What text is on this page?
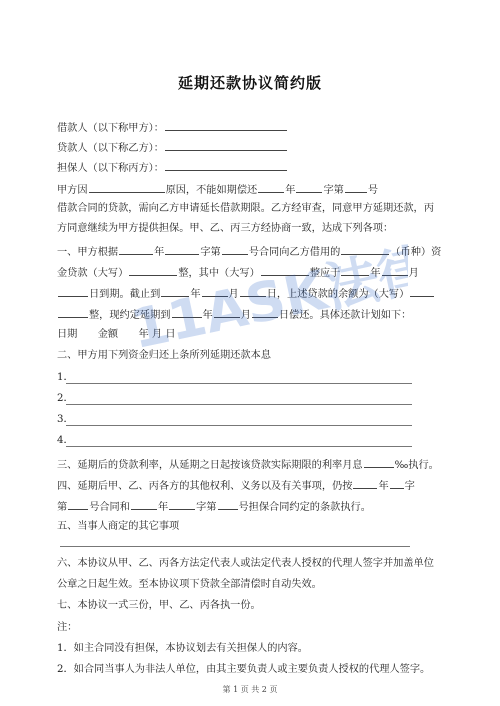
延期还款协议简约版
借款人（以下称甲方）：
贷款人（以下称乙方）：
担保人（以下称丙方）：
甲方因	原因，不能如期偿还	年	字第 号
借款合同的贷款，需向乙方申请延长借款期限。乙方经审查，同意甲方延期还款，丙
方同意继续为甲方提供担保。甲、乙、丙三方经协商一致，达成下列各项：
一、甲方根据	年	字第	号合同向乙方借用的	（币种）资
金贷款（大写）	整，其中（大写）	整应于	年	月
日到期。截止到	年	月	日，上述贷款的余额为（大写）
整，现约定延期到	年	月	日偿还。具体还款计划如下：
日期　　金额　　年 月 日
二、甲方用下列资金归还上条所列延期还款本息
1．
2．
3．
4．
三、延期后的贷款利率，从延期之日起按该贷款实际期限的利率月息	‰执行。
四、延期后甲、乙、丙各方的其他权利、义务以及有关事项，仍按	年 字
第 号合同和	年	字第 号担保合同约定的条款执行。
五、当事人商定的其它事项
六、本协议从甲、乙、丙各方法定代表人或法定代表人授权的代理人签字并加盖单位
公章之日起生效。至本协议项下贷款全部清偿时自动失效。
七、本协议一式三份，甲、乙、丙各执一份。
注：
1．如主合同没有担保，本协议划去有关担保人的内容。
2．如合同当事人为非法人单位，由其主要负责人或主要负责人授权的代理人签字。
11ASK法律网
第 1 页 共 2 页
